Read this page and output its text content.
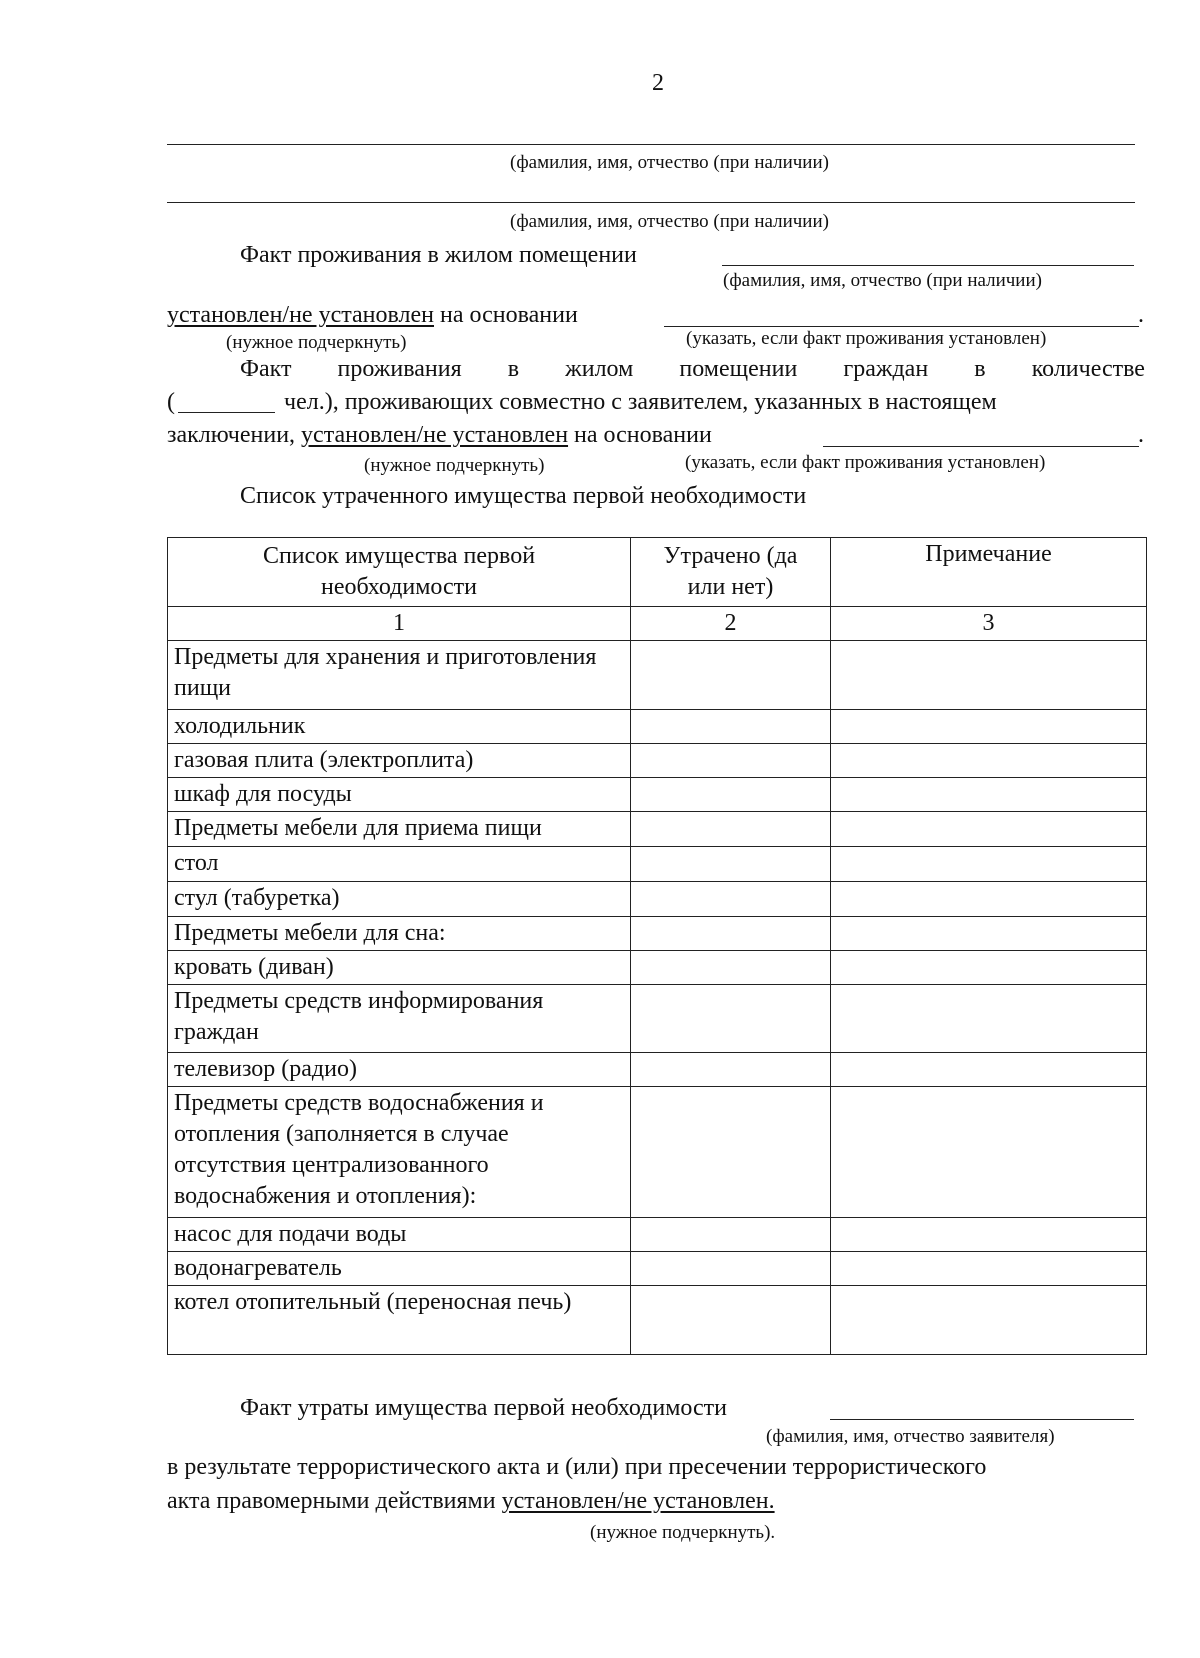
2
(фамилия, имя, отчество (при наличии)
(фамилия, имя, отчество (при наличии)
Факт проживания в жилом помещении
(фамилия, имя, отчество (при наличии)
установлен/не установлен на основании	.
(нужное подчеркнуть)	(указать, если факт проживания установлен)
Факт проживания в жилом помещении граждан в количестве
(	чел.), проживающих совместно с заявителем, указанных в настоящем
заключении, установлен/не установлен на основании	.
(нужное подчеркнуть)	(указать, если факт проживания установлен)
Список утраченного имущества первой необходимости
Список имущества первой необходимости	Утрачено (да или нет)	Примечание
1	2	3
Предметы для хранения и приготовления пищи		
холодильник		
газовая плита (электроплита)		
шкаф для посуды		
Предметы мебели для приема пищи		
стол		
стул (табуретка)		
Предметы мебели для сна:		
кровать (диван)		
Предметы средств информирования граждан		
телевизор (радио)		
Предметы средств водоснабжения и отопления (заполняется в случае отсутствия централизованного водоснабжения и отопления):		
насос для подачи воды		
водонагреватель		
котел отопительный (переносная печь)		
Факт утраты имущества первой необходимости
(фамилия, имя, отчество заявителя)
в результате террористического акта и (или) при пресечении террористического
акта правомерными действиями установлен/не установлен.
(нужное подчеркнуть).
